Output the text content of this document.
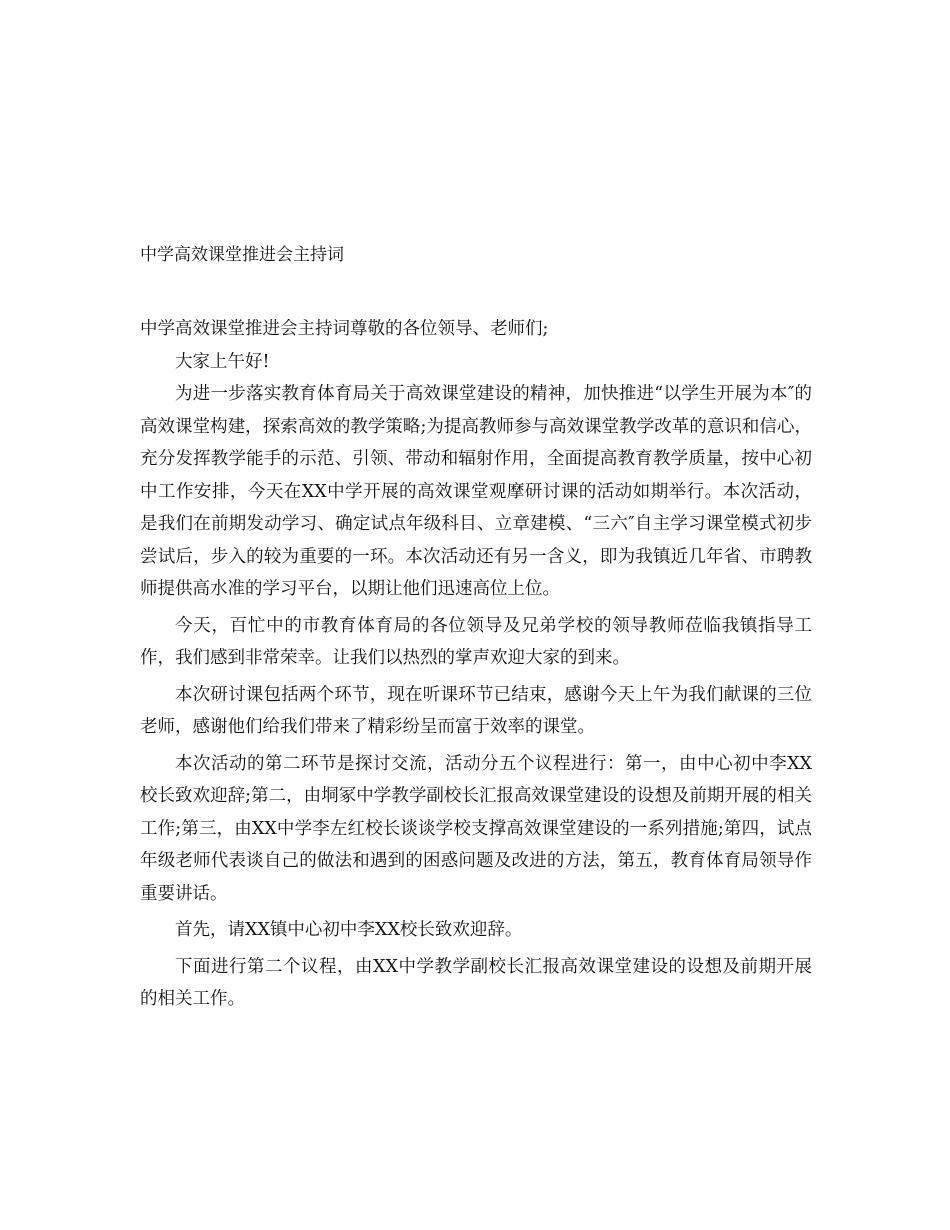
中学高效课堂推进会主持词

中学高效课堂推进会主持词尊敬的各位领导、老师们;

大家上午好!

为进一步落实教育体育局关于高效课堂建设的精神，加快推进“以学生开展为本″的高效课堂构建，探索高效的教学策略;为提高教师参与高效课堂教学改革的意识和信心，充分发挥教学能手的示范、引领、带动和辐射作用，全面提高教育教学质量，按中心初中工作安排，今天在XX中学开展的高效课堂观摩研讨课的活动如期举行。本次活动，是我们在前期发动学习、确定试点年级科目、立章建模、“三六″自主学习课堂模式初步尝试后，步入的较为重要的一环。本次活动还有另一含义，即为我镇近几年省、市聘教师提供高水准的学习平台，以期让他们迅速高位上位。

今天，百忙中的市教育体育局的各位领导及兄弟学校的领导教师莅临我镇指导工作，我们感到非常荣幸。让我们以热烈的掌声欢迎大家的到来。

本次研讨课包括两个环节，现在听课环节已结束，感谢今天上午为我们献课的三位老师，感谢他们给我们带来了精彩纷呈而富于效率的课堂。

本次活动的第二环节是探讨交流，活动分五个议程进行：第一，由中心初中李XX校长致欢迎辞;第二，由垌冢中学教学副校长汇报高效课堂建设的设想及前期开展的相关工作;第三，由XX中学李左红校长谈谈学校支撑高效课堂建设的一系列措施;第四，试点年级老师代表谈自己的做法和遇到的困惑问题及改进的方法，第五，教育体育局领导作重要讲话。

首先，请XX镇中心初中李XX校长致欢迎辞。

下面进行第二个议程，由XX中学教学副校长汇报高效课堂建设的设想及前期开展的相关工作。
